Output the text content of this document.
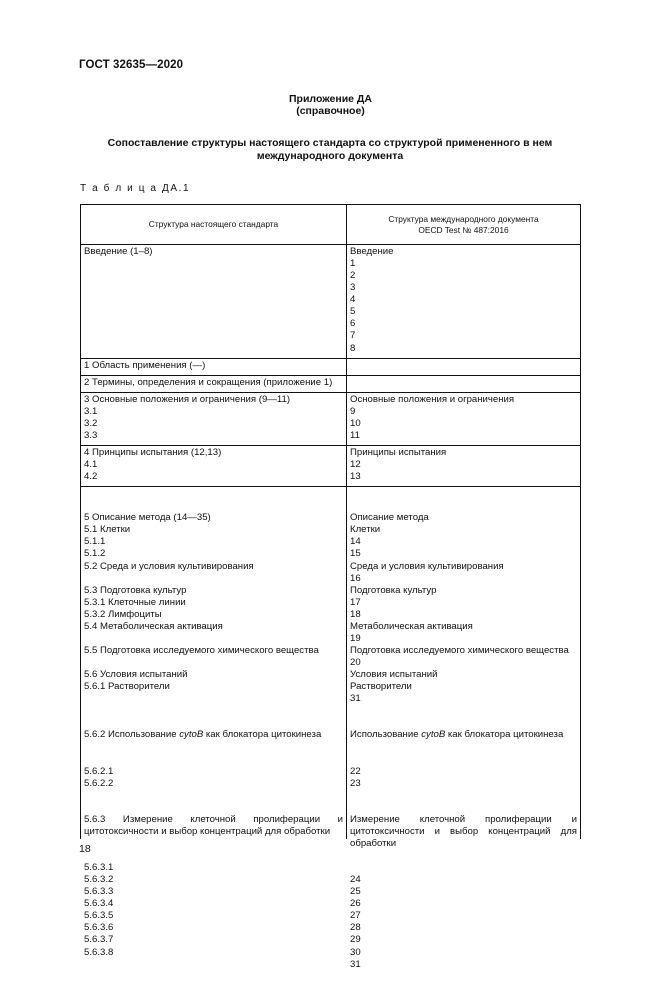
ГОСТ 32635—2020
Приложение ДА
(справочное)
Сопоставление структуры настоящего стандарта со структурой примененного в нем международного документа
Т а б л и ц а ДА.1
Структура настоящего стандарта
Структура международного документа
OECD Test № 487:2016
Введение (1–8)	Введение
1
2
3
4
5
6
7
8
1 Область применения (—)
2 Термины, определения и сокращения (приложение 1)
3 Основные положения и ограничения (9—11)
3.1
3.2
3.3
Основные положения и ограничения
9
10
11
4 Принципы испытания (12,13)
4.1
4.2
Принципы испытания
12
13

5 Описание метода (14—35)
5.1 Клетки
5.1.1
5.1.2
5.2 Среда и условия культивирования

5.3 Подготовка культур
5.3.1 Клеточные линии
5.3.2 Лимфоциты
5.4 Метаболическая активация

5.5 Подготовка исследуемого химического вещества

5.6 Условия испытаний
5.6.1 Растворители

5.6.2 Использование cytoB как блокатора цитокинеза

5.6.2.1
5.6.2.2

5.6.3 Измерение клеточной пролиферации и цитотоксичности и выбор концентраций для обработки

5.6.3.1
5.6.3.2
5.6.3.3
5.6.3.4
5.6.3.5
5.6.3.6
5.6.3.7
5.6.3.8

Описание метода
Клетки
14
15
Среда и условия культивирования
16
Подготовка культур
17
18
Метаболическая активация
19
Подготовка исследуемого химического вещества
20
Условия испытаний
Растворители
31

Использование cytoB как блокатора цитокинеза

22
23

Измерение клеточной пролиферации и цитотоксичности и выбор концентраций для обработки

24
25
26
27
28
29
30
31

18
